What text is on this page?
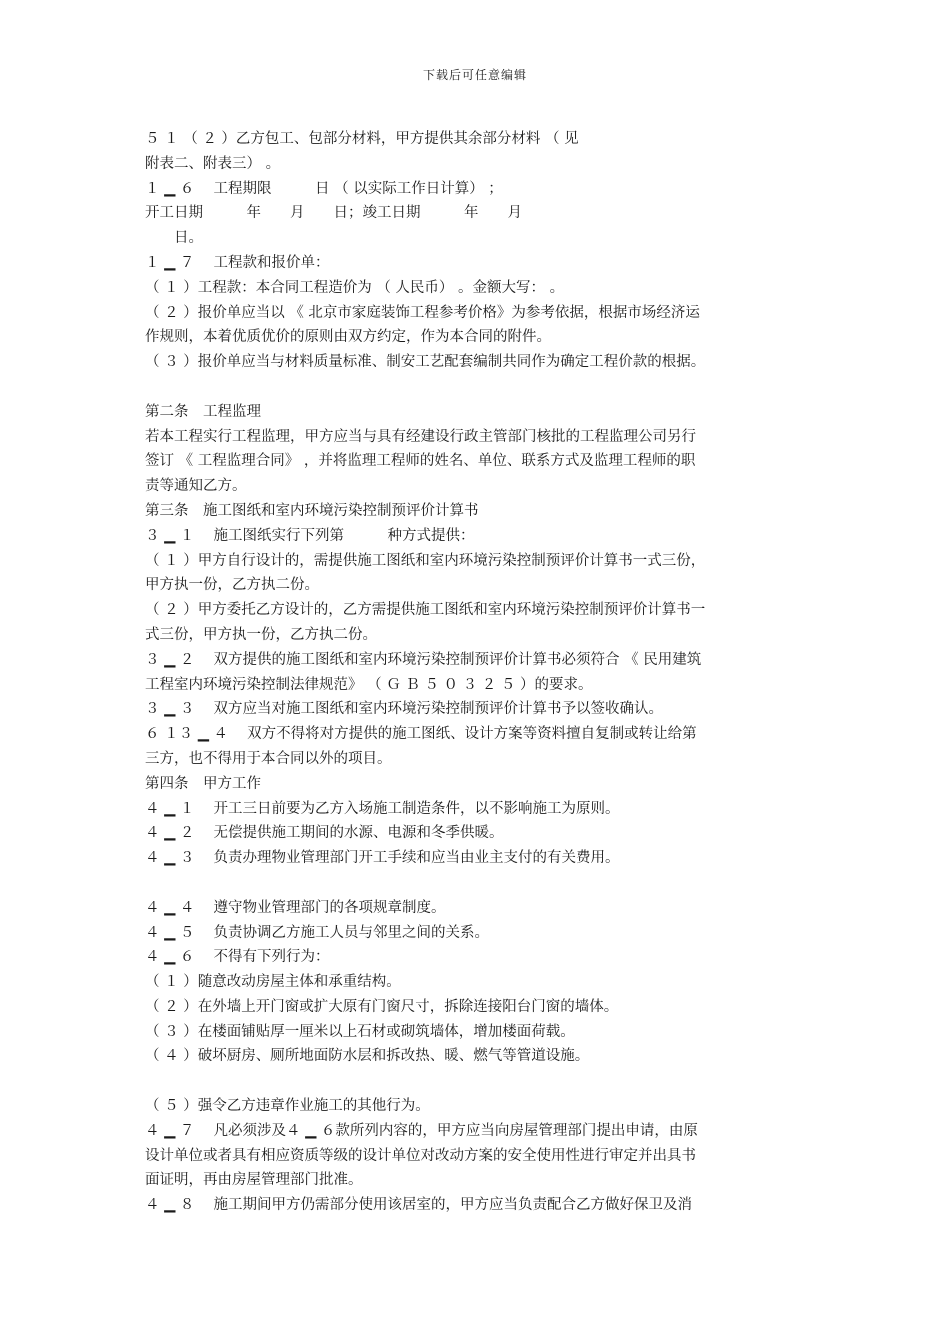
下载后可任意编辑
５ １ （ ２ ）乙方包工、包部分材料，甲方提供其余部分材料 （ 见
附表二、附表三） 。
１ ▁ ６　 工程期限　　　日 （ 以实际工作日计算） ；
开工日期　　　年　　月　　日；竣工日期　　　年　　月
　　日。
１ ▁ ７　 工程款和报价单：
（ １ ）工程款：本合同工程造价为 （ 人民币） 。金额大写： 。
（ ２ ）报价单应当以 《 北京市家庭装饰工程参考价格》为参考依据，根据市场经济运
作规则，本着优质优价的原则由双方约定，作为本合同的附件。
（ ３ ）报价单应当与材料质量标准、制安工艺配套编制共同作为确定工程价款的根据。
第二条　工程监理
若本工程实行工程监理，甲方应当与具有经建设行政主管部门核批的工程监理公司另行
签订 《 工程监理合同》 ，并将监理工程师的姓名、单位、联系方式及监理工程师的职
责等通知乙方。
第三条　施工图纸和室内环境污染控制预评价计算书
３ ▁ １　 施工图纸实行下列第　　　种方式提供：
（ １ ）甲方自行设计的，需提供施工图纸和室内环境污染控制预评价计算书一式三份，
甲方执一份，乙方执二份。
（ ２ ）甲方委托乙方设计的，乙方需提供施工图纸和室内环境污染控制预评价计算书一
式三份，甲方执一份，乙方执二份。
３ ▁ ２　 双方提供的施工图纸和室内环境污染控制预评价计算书必须符合 《 民用建筑
工程室内环境污染控制法律规范》 （ Ｇ Ｂ ５ ０ ３ ２ ５ ）的要求。
３ ▁ ３　 双方应当对施工图纸和室内环境污染控制预评价计算书予以签收确认。
６ １３ ▁ ４　 双方不得将对方提供的施工图纸、设计方案等资料擅自复制或转让给第
三方，也不得用于本合同以外的项目。
第四条　甲方工作
４ ▁ １　 开工三日前要为乙方入场施工制造条件，以不影响施工为原则。
４ ▁ ２　 无偿提供施工期间的水源、电源和冬季供暖。
４ ▁ ３　 负责办理物业管理部门开工手续和应当由业主支付的有关费用。
４ ▁ ４　 遵守物业管理部门的各项规章制度。
４ ▁ ５　 负责协调乙方施工人员与邻里之间的关系。
４ ▁ ６　 不得有下列行为：
（ １ ）随意改动房屋主体和承重结构。
（ ２ ）在外墙上开门窗或扩大原有门窗尺寸，拆除连接阳台门窗的墙体。
（ ３ ）在楼面铺贴厚一厘米以上石材或砌筑墙体，增加楼面荷载。
（ ４ ）破坏厨房、厕所地面防水层和拆改热、暖、燃气等管道设施。
（ ５ ）强令乙方违章作业施工的其他行为。
４ ▁ ７　 凡必须涉及４ ▁ ６款所列内容的，甲方应当向房屋管理部门提出申请，由原
设计单位或者具有相应资质等级的设计单位对改动方案的安全使用性进行审定并出具书
面证明，再由房屋管理部门批准。
４ ▁ ８　 施工期间甲方仍需部分使用该居室的，甲方应当负责配合乙方做好保卫及消
